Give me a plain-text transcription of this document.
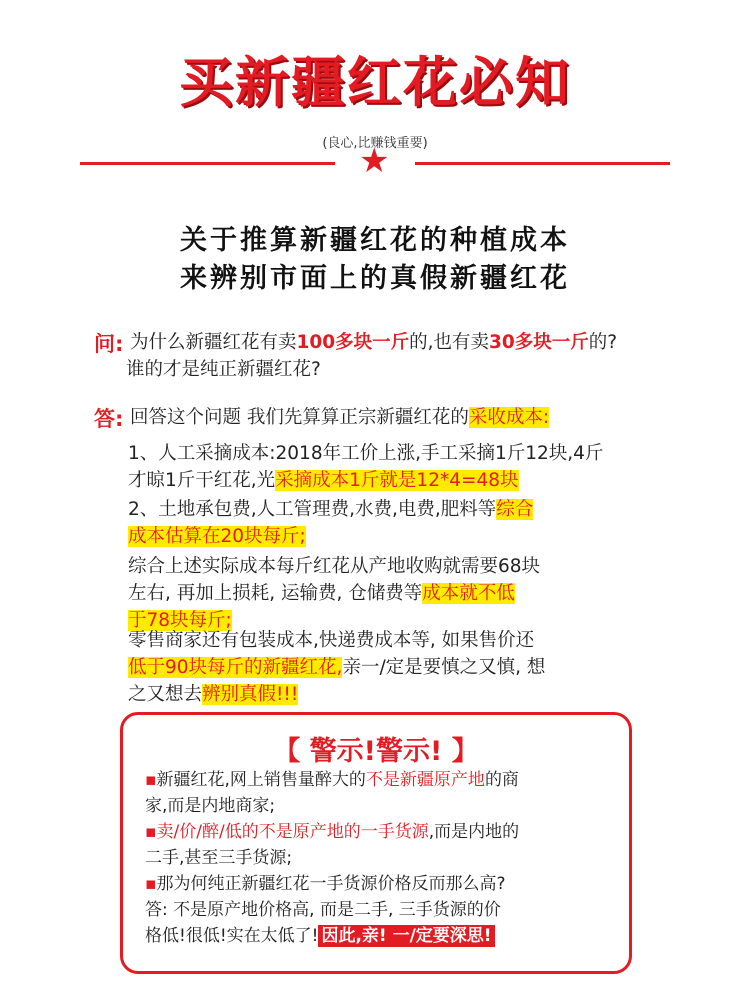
买新疆红花必知
(良心,比赚钱重要)
★
关于推算新疆红花的种植成本
来辨别市面上的真假新疆红花
问: 为什么新疆红花有卖100多块一斤的,也有卖30多块一斤的?
谁的才是纯正新疆红花?
答: 回答这个问题 我们先算算正宗新疆红花的采收成本:
1、人工采摘成本:2018年工价上涨,手工采摘1斤12块,4斤
才晾1斤干红花,光采摘成本1斤就是12*4=48块
2、土地承包费,人工管理费,水费,电费,肥料等综合
成本估算在20块每斤;
综合上述实际成本每斤红花从产地收购就需要68块
左右, 再加上损耗, 运输费, 仓储费等成本就不低
于78块每斤;
零售商家还有包装成本,快递费成本等, 如果售价还
低于90块每斤的新疆红花,亲一/定是要慎之又慎, 想
之又想去辨别真假!!!
【 警示!警示! 】
▪新疆红花,网上销售量醉大的不是新疆原产地的商
家,而是内地商家;
▪卖/价/醉/低的不是原产地的一手货源,而是内地的
二手,甚至三手货源;
▪那为何纯正新疆红花一手货源价格反而那么高?
答: 不是原产地价格高, 而是二手, 三手货源的价
格低!很低!实在太低了! 因此,亲! 一/定要深思!
